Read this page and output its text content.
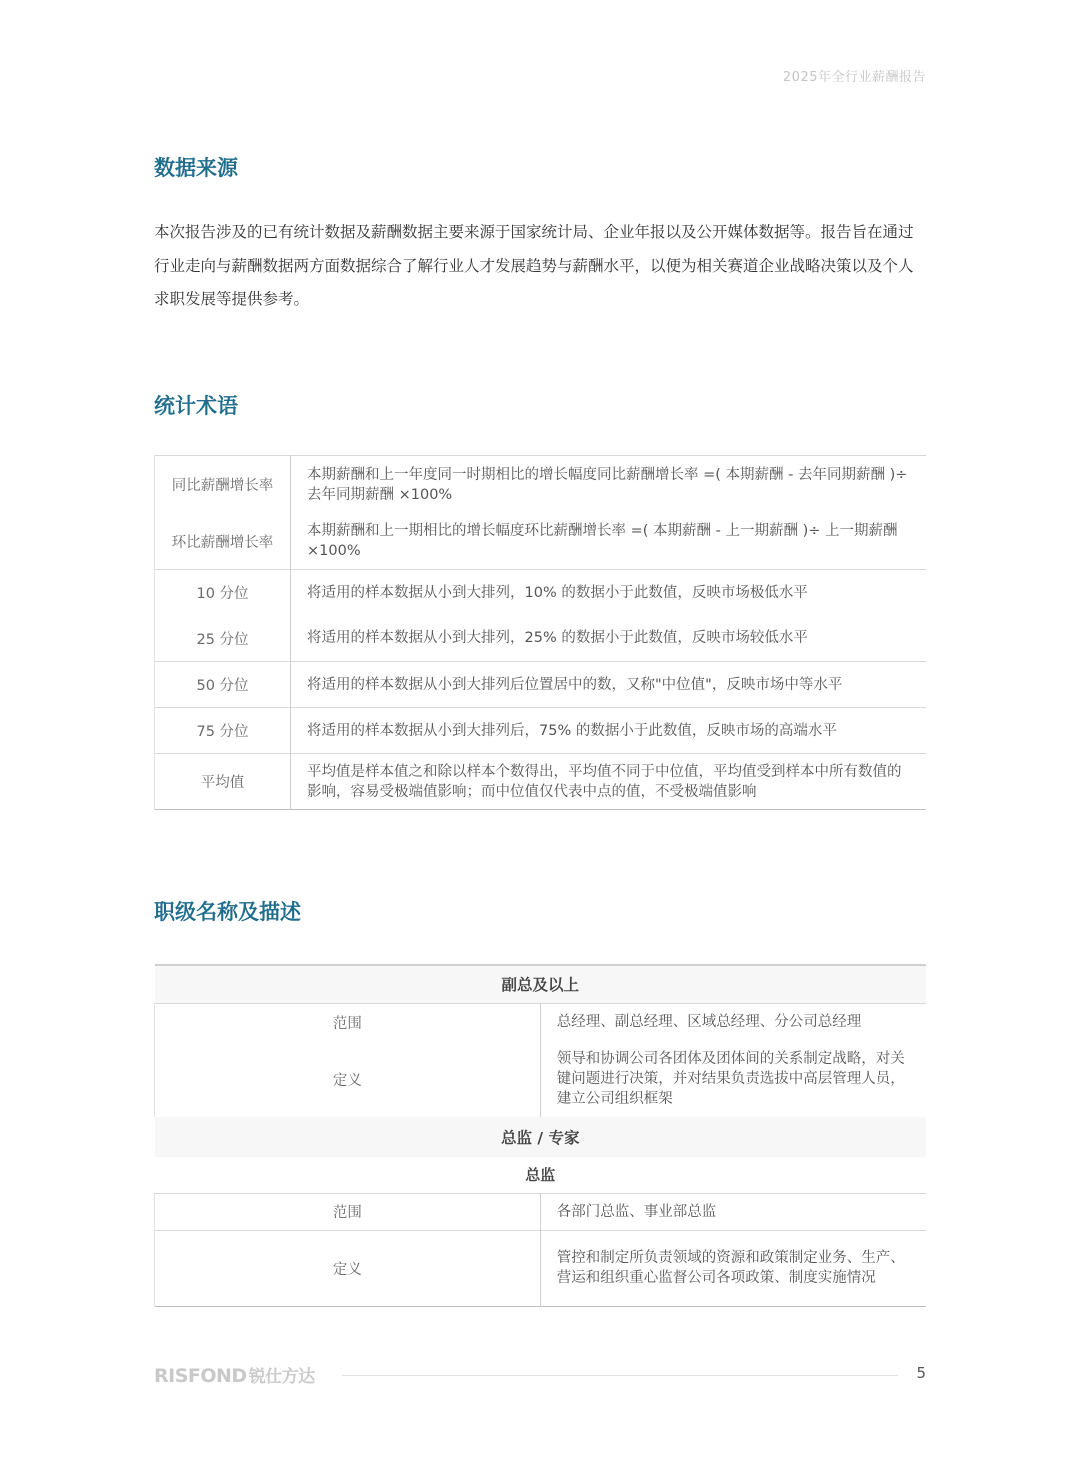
2025年全行业薪酬报告
数据来源
本次报告涉及的已有统计数据及薪酬数据主要来源于国家统计局、企业年报以及公开媒体数据等。报告旨在通过行业走向与薪酬数据两方面数据综合了解行业人才发展趋势与薪酬水平，以便为相关赛道企业战略决策以及个人求职发展等提供参考。
统计术语
同比薪酬增长率	本期薪酬和上一年度同一时期相比的增长幅度同比薪酬增长率 =( 本期薪酬 - 去年同期薪酬 )÷ 去年同期薪酬 ×100%
环比薪酬增长率	本期薪酬和上一期相比的增长幅度环比薪酬增长率 =( 本期薪酬 - 上一期薪酬 )÷ 上一期薪酬 ×100%
10 分位	将适用的样本数据从小到大排列，10% 的数据小于此数值，反映市场极低水平
25 分位	将适用的样本数据从小到大排列，25% 的数据小于此数值，反映市场较低水平
50 分位	将适用的样本数据从小到大排列后位置居中的数，又称"中位值"，反映市场中等水平
75 分位	将适用的样本数据从小到大排列后，75% 的数据小于此数值，反映市场的高端水平
平均值	平均值是样本值之和除以样本个数得出，平均值不同于中位值，平均值受到样本中所有数值的影响，容易受极端值影响；而中位值仅代表中点的值，不受极端值影响
职级名称及描述
副总及以上	
范围	总经理、副总经理、区域总经理、分公司总经理
定义	领导和协调公司各团体及团体间的关系制定战略，对关键问题进行决策，并对结果负责选拔中高层管理人员，建立公司组织框架
总监 / 专家	
总监	
范围	各部门总监、事业部总监
定义	管控和制定所负责领域的资源和政策制定业务、生产、营运和组织重心监督公司各项政策、制度实施情况
RISFOND 锐仕方达	5
